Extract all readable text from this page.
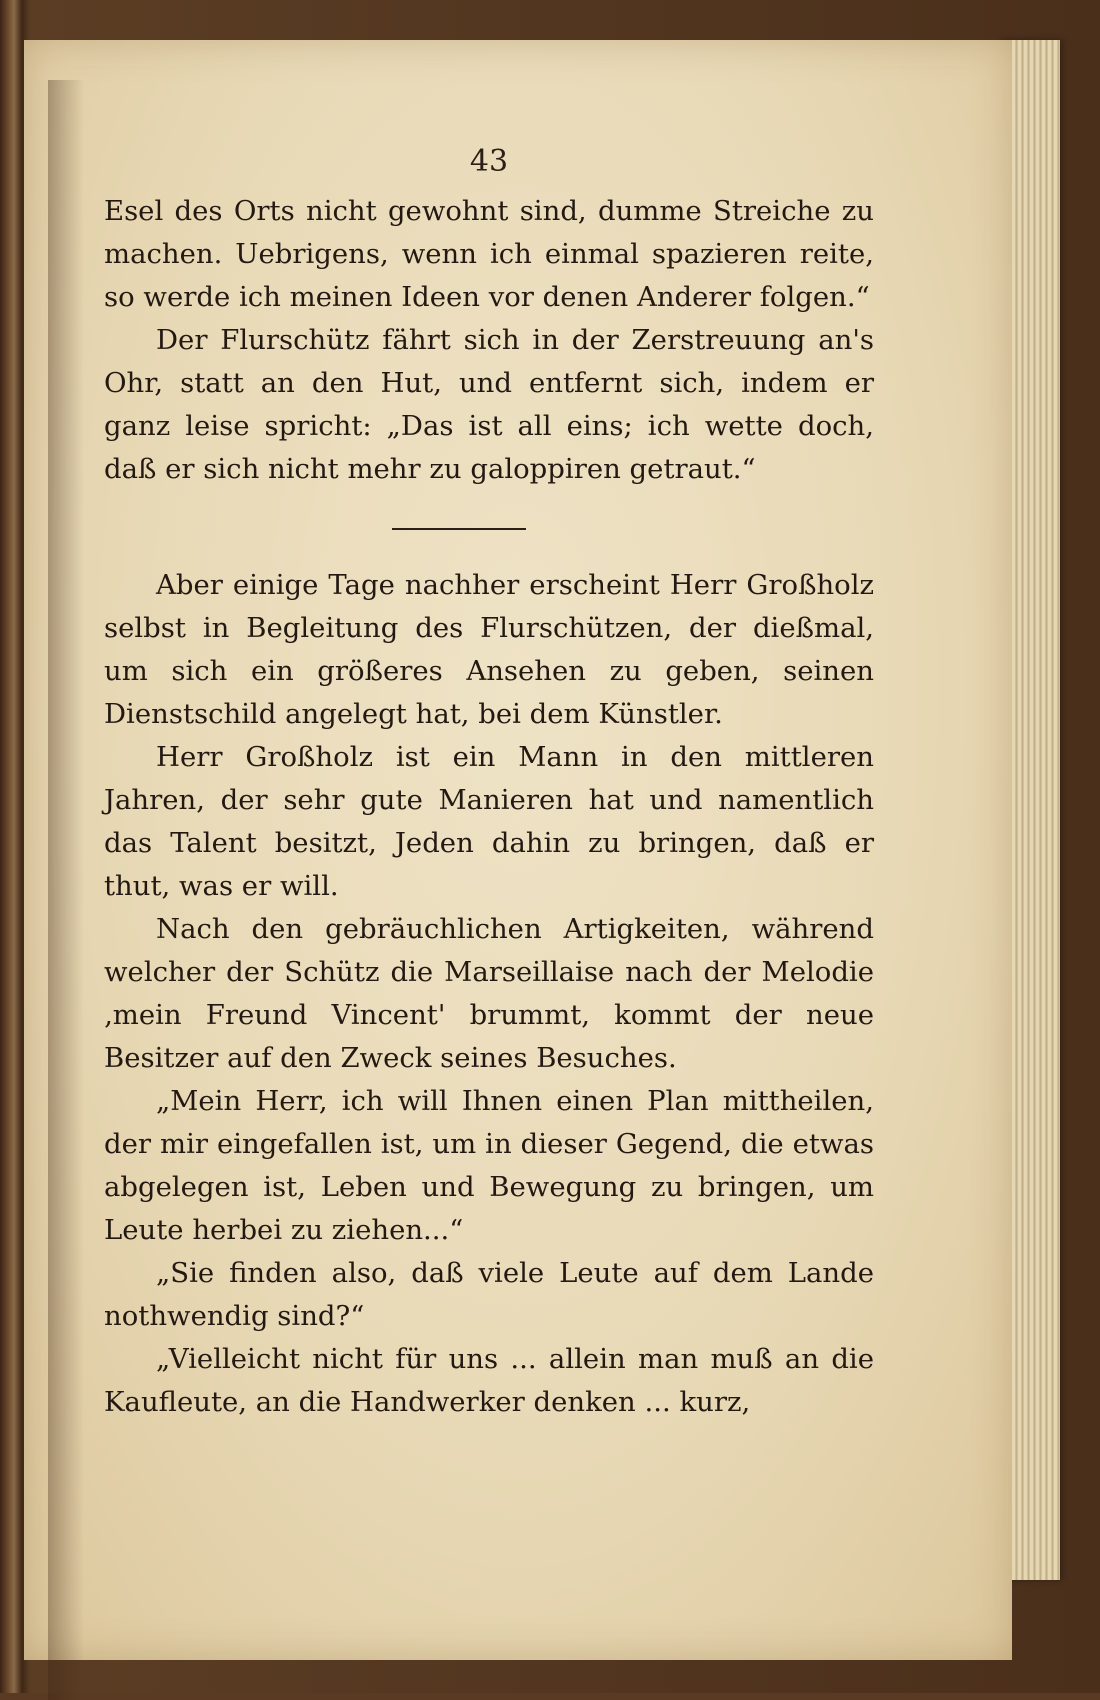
43

Esel des Orts nicht gewohnt sind, dumme Streiche zu machen. Uebrigens, wenn ich einmal spazieren reite, so werde ich meinen Ideen vor denen Anderer folgen.“

Der Flurschütz fährt sich in der Zerstreuung an's Ohr, statt an den Hut, und entfernt sich, indem er ganz leise spricht: „Das ist all eins; ich wette doch, daß er sich nicht mehr zu galoppiren getraut.“

Aber einige Tage nachher erscheint Herr Großholz selbst in Begleitung des Flurschützen, der dießmal, um sich ein größeres Ansehen zu geben, seinen Dienstschild angelegt hat, bei dem Künstler.

Herr Großholz ist ein Mann in den mittleren Jahren, der sehr gute Manieren hat und namentlich das Talent besitzt, Jeden dahin zu bringen, daß er thut, was er will.

Nach den gebräuchlichen Artigkeiten, während welcher der Schütz die Marseillaise nach der Melodie ‚mein Freund Vincent' brummt, kommt der neue Besitzer auf den Zweck seines Besuches.

„Mein Herr, ich will Ihnen einen Plan mittheilen, der mir eingefallen ist, um in dieser Gegend, die etwas abgelegen ist, Leben und Bewegung zu bringen, um Leute herbei zu ziehen...“

„Sie finden also, daß viele Leute auf dem Lande nothwendig sind?“

„Vielleicht nicht für uns ... allein man muß an die Kaufleute, an die Handwerker denken ... kurz,
